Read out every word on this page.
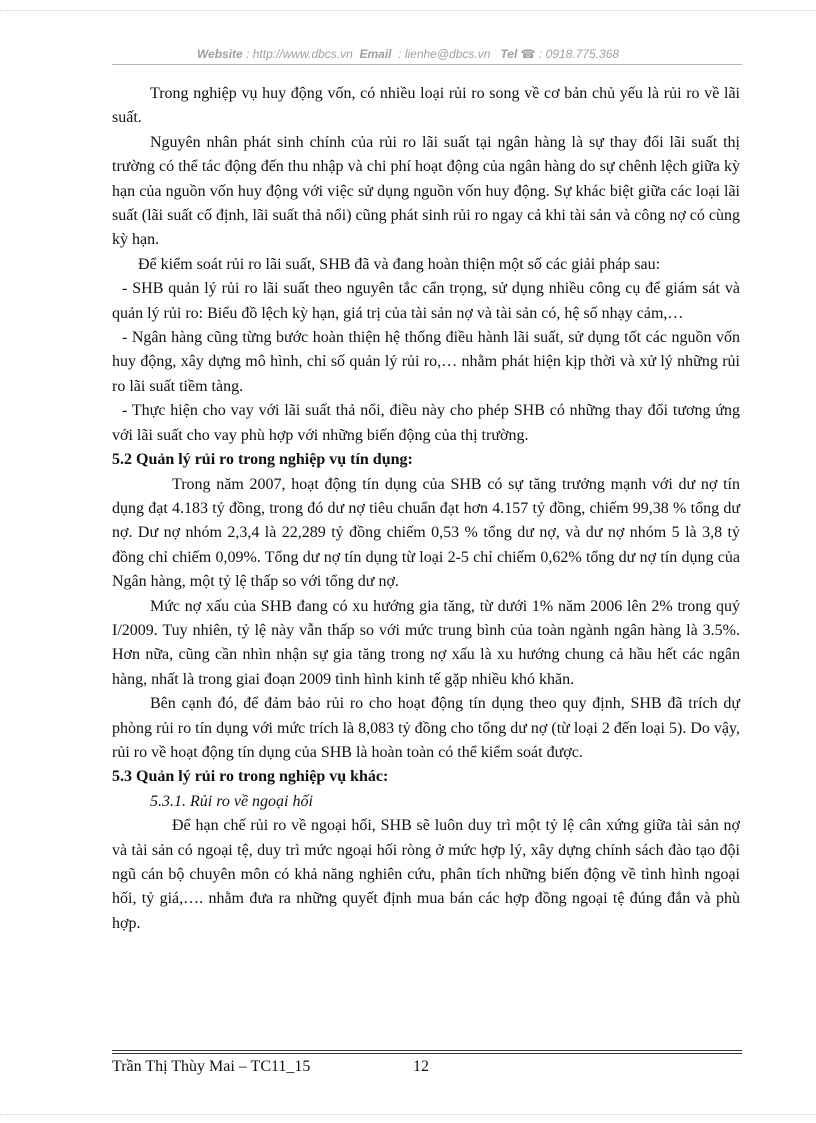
Website : http://www.dbcs.vn Email  : lienhe@dbcs.vn Tel ☎ : 0918.775.368

Trong nghiệp vụ huy động vốn, có nhiều loại rủi ro song về cơ bản chủ yếu là rủi ro về lãi suất.

Nguyên nhân phát sinh chính của rủi ro lãi suất tại ngân hàng là sự thay đổi lãi suất thị trường có thể tác động đến thu nhập và chi phí hoạt động của ngân hàng do sự chênh lệch giữa kỳ hạn của nguồn vốn huy động với việc sử dụng nguồn vốn huy động. Sự khác biệt giữa các loại lãi suất (lãi suất cố định, lãi suất thả nổi) cũng phát sinh rủi ro ngay cả khi tài sản và công nợ có cùng kỳ hạn.

Để kiểm soát rủi ro lãi suất, SHB đã và đang hoàn thiện một số các giải pháp sau:

- SHB quản lý rủi ro lãi suất theo nguyên tắc cẩn trọng, sử dụng nhiều công cụ để giám sát và quản lý rủi ro: Biểu đồ lệch kỳ hạn, giá trị của tài sản nợ và tài sản có, hệ số nhạy cảm,…

- Ngân hàng cũng từng bước hoàn thiện hệ thống điều hành lãi suất, sử dụng tốt các nguồn vốn huy động, xây dựng mô hình, chỉ số quản lý rủi ro,… nhằm phát hiện kịp thời và xử lý những rủi ro lãi suất tiềm tàng.

- Thực hiện cho vay với lãi suất thả nổi, điều này cho phép SHB có những thay đổi tương ứng với lãi suất cho vay phù hợp với những biến động của thị trường.

5.2 Quản lý rủi ro trong nghiệp vụ tín dụng:

Trong năm 2007, hoạt động tín dụng của SHB có sự tăng trưởng mạnh với dư nợ tín dụng đạt 4.183 tỷ đồng, trong đó dư nợ tiêu chuẩn đạt hơn 4.157 tỷ đồng, chiếm 99,38 % tổng dư nợ. Dư nợ nhóm 2,3,4 là 22,289 tỷ đồng chiếm 0,53 % tổng dư nợ, và dư nợ nhóm 5 là 3,8 tỷ đồng chỉ chiếm 0,09%. Tổng dư nợ tín dụng từ loại 2-5 chỉ chiếm 0,62% tổng dư nợ tín dụng của Ngân hàng, một tỷ lệ thấp so với tổng dư nợ.

Mức nợ xấu của SHB đang có xu hướng gia tăng, từ dưới 1% năm 2006 lên 2% trong quý I/2009. Tuy nhiên, tỷ lệ này vẫn thấp so với mức trung bình của toàn ngành ngân hàng là 3.5%. Hơn nữa, cũng cần nhìn nhận sự gia tăng trong nợ xấu là xu hướng chung cả hầu hết các ngân hàng, nhất là trong giai đoạn 2009 tình hình kinh tế gặp nhiều khó khăn.

Bên cạnh đó, để đảm bảo rủi ro cho hoạt động tín dụng theo quy định, SHB đã trích dự phòng rủi ro tín dụng với mức trích là 8,083 tỷ đồng cho tổng dư nợ (từ loại 2 đến loại 5). Do vậy, rủi ro về hoạt động tín dụng của SHB là hoàn toàn có thể kiểm soát được.

5.3 Quản lý rủi ro trong nghiệp vụ khác:
5.3.1. Rủi ro về ngoại hối

Để hạn chế rủi ro về ngoại hối, SHB sẽ luôn duy trì một tỷ lệ cân xứng giữa tài sản nợ và tài sản có ngoại tệ, duy trì mức ngoại hối ròng ở mức hợp lý, xây dựng chính sách đào tạo đội ngũ cán bộ chuyên môn có khả năng nghiên cứu, phân tích những biến động về tình hình ngoại hối, tỷ giá,…. nhằm đưa ra những quyết định mua bán các hợp đồng ngoại tệ đúng đắn và phù hợp.

Trần Thị Thùy Mai – TC11_15	12
